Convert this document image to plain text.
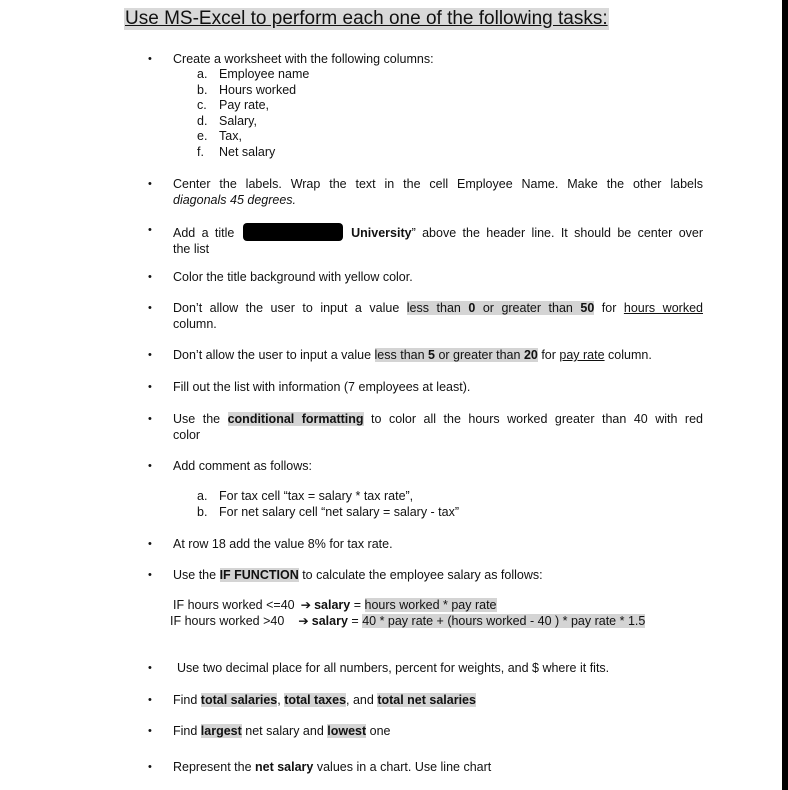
Use MS-Excel to perform each one of the following tasks:
• Create a worksheet with the following columns:
a. Employee name
b. Hours worked
c. Pay rate,
d. Salary,
e. Tax,
f. Net salary
• Center the labels. Wrap the text in the cell Employee Name. Make the other labels
diagonals 45 degrees.
• Add a title	University” above the header line. It should be center over
the list
• Color the title background with yellow color.
• Don’t allow the user to input a value less than 0 or greater than 50 for hours worked
column.
• Don’t allow the user to input a value less than 5 or greater than 20 for pay rate column.
• Fill out the list with information (7 employees at least).
• Use the conditional formatting to color all the hours worked greater than 40 with red
color
• Add comment as follows:
a. For tax cell “tax = salary * tax rate”,
b. For net salary cell “net salary = salary - tax”
• At row 18 add the value 8% for tax rate.
• Use the IF FUNCTION to calculate the employee salary as follows:
IF hours worked <=40 ➔ salary = hours worked * pay rate
IF hours worked >40 ➔ salary = 40 * pay rate + (hours worked - 40 ) * pay rate * 1.5
• Use two decimal place for all numbers, percent for weights, and $ where it fits.
• Find total salaries, total taxes, and total net salaries
• Find largest net salary and lowest one
• Represent the net salary values in a chart. Use line chart
